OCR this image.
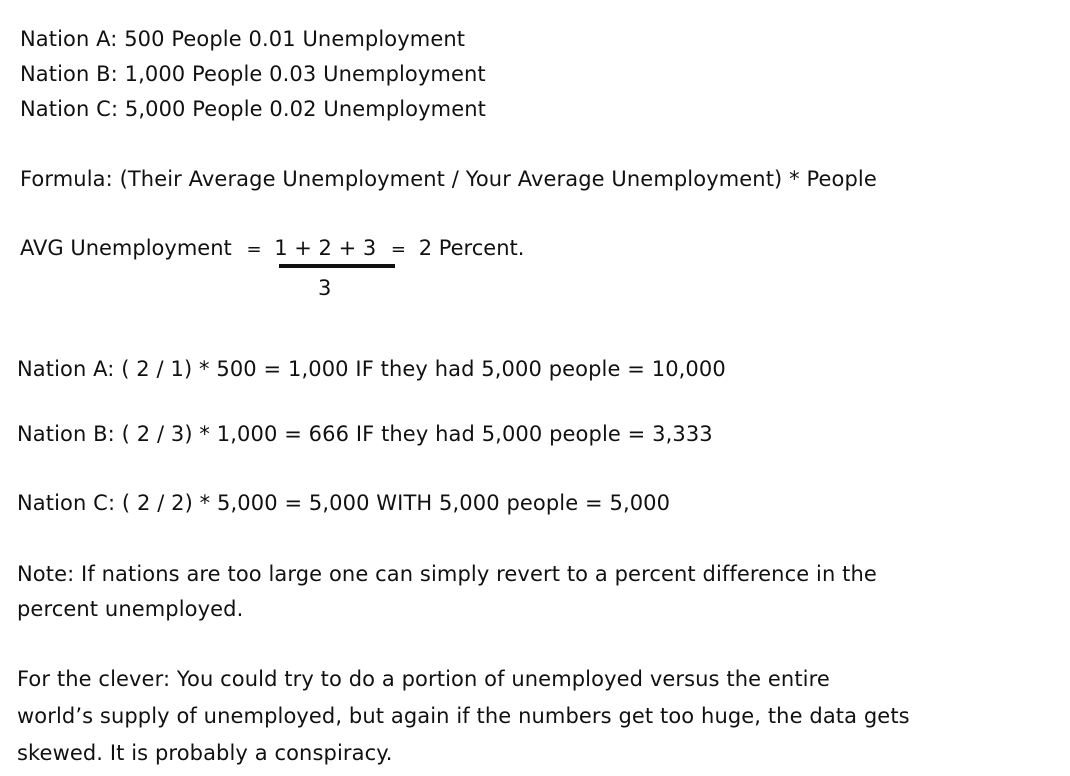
Nation A: 500 People 0.01 Unemployment

Nation B: 1,000 People 0.03 Unemployment

Nation C: 5,000 People 0.02 Unemployment

Formula: (Their Average Unemployment / Your Average Unemployment) * People

AVG Unemployment = 1 + 2 + 3 = 2 Percent.
3

Nation A: ( 2 / 1) * 500 = 1,000 IF they had 5,000 people = 10,000

Nation B: ( 2 / 3) * 1,000 = 666 IF they had 5,000 people = 3,333

Nation C: ( 2 / 2) * 5,000 = 5,000 WITH 5,000 people = 5,000

Note: If nations are too large one can simply revert to a percent difference in the

percent unemployed.

For the clever: You could try to do a portion of unemployed versus the entire

world’s supply of unemployed, but again if the numbers get too huge, the data gets

skewed. It is probably a conspiracy.
